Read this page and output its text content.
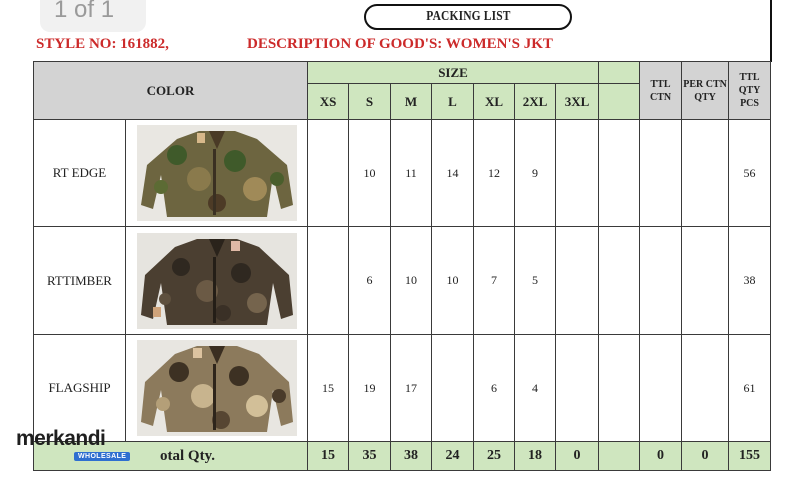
1 of 1	PACKING LIST
STYLE NO: 161882,	DESCRIPTION OF GOOD'S: WOMEN'S JKT
COLOR		SIZE								TTL CTN	PER CTN QTY	TTL QTY PCS
		XS	S	M	L	XL	2XL	3XL				
RT EDGE			10	11	14	12	9					56
RTTIMBER			6	10	10	7	5					38
FLAGSHIP		15	19	17		6	4					61
otal Qty.		15	35	38	24	25	18	0		0	0	155
merkandi
WHOLESALE
